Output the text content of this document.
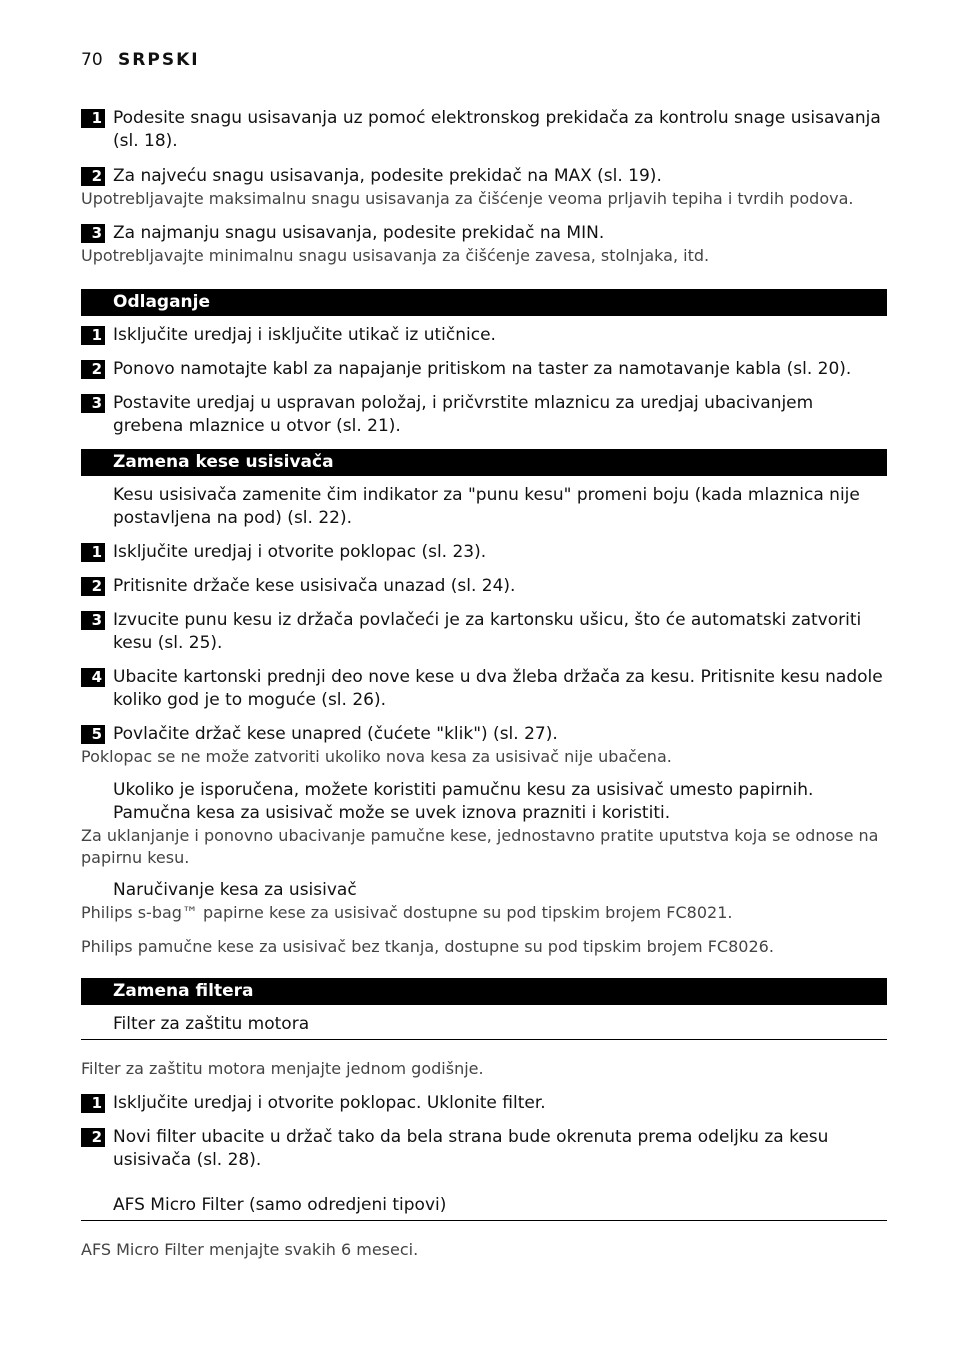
70 SRPSKI
1 Podesite snagu usisavanja uz pomoć elektronskog prekidača za kontrolu snage usisavanja (sl. 18).
2 Za najveću snagu usisavanja, podesite prekidač na MAX (sl. 19).
Upotrebljavajte maksimalnu snagu usisavanja za čišćenje veoma prljavih tepiha i tvrdih podova.
3 Za najmanju snagu usisavanja, podesite prekidač na MIN.
Upotrebljavajte minimalnu snagu usisavanja za čišćenje zavesa, stolnjaka, itd.
Odlaganje
1 Isključite uredjaj i isključite utikač iz utičnice.
2 Ponovo namotajte kabl za napajanje pritiskom na taster za namotavanje kabla (sl. 20).
3 Postavite uredjaj u uspravan položaj, i pričvrstite mlaznicu za uredjaj ubacivanjem grebena mlaznice u otvor (sl. 21).
Zamena kese usisivača
Kesu usisivača zamenite čim indikator za "punu kesu" promeni boju (kada mlaznica nije postavljena na pod) (sl. 22).
1 Isključite uredjaj i otvorite poklopac (sl. 23).
2 Pritisnite držače kese usisivača unazad (sl. 24).
3 Izvucite punu kesu iz držača povlačeći je za kartonsku ušicu, što će automatski zatvoriti kesu (sl. 25).
4 Ubacite kartonski prednji deo nove kese u dva žleba držača za kesu. Pritisnite kesu nadole koliko god je to moguće (sl. 26).
5 Povlačite držač kese unapred (čućete "klik") (sl. 27).
Poklopac se ne može zatvoriti ukoliko nova kesa za usisivač nije ubačena.
Ukoliko je isporučena, možete koristiti pamučnu kesu za usisivač umesto papirnih. Pamučna kesa za usisivač može se uvek iznova prazniti i koristiti.
Za uklanjanje i ponovno ubacivanje pamučne kese, jednostavno pratite uputstva koja se odnose na papirnu kesu.
Naručivanje kesa za usisivač
Philips s-bag™ papirne kese za usisivač dostupne su pod tipskim brojem FC8021.
Philips pamučne kese za usisivač bez tkanja, dostupne su pod tipskim brojem FC8026.
Zamena filtera
Filter za zaštitu motora
Filter za zaštitu motora menjajte jednom godišnje.
1 Isključite uredjaj i otvorite poklopac. Uklonite filter.
2 Novi filter ubacite u držač tako da bela strana bude okrenuta prema odeljku za kesu usisivača (sl. 28).
AFS Micro Filter (samo odredjeni tipovi)
AFS Micro Filter menjajte svakih 6 meseci.
